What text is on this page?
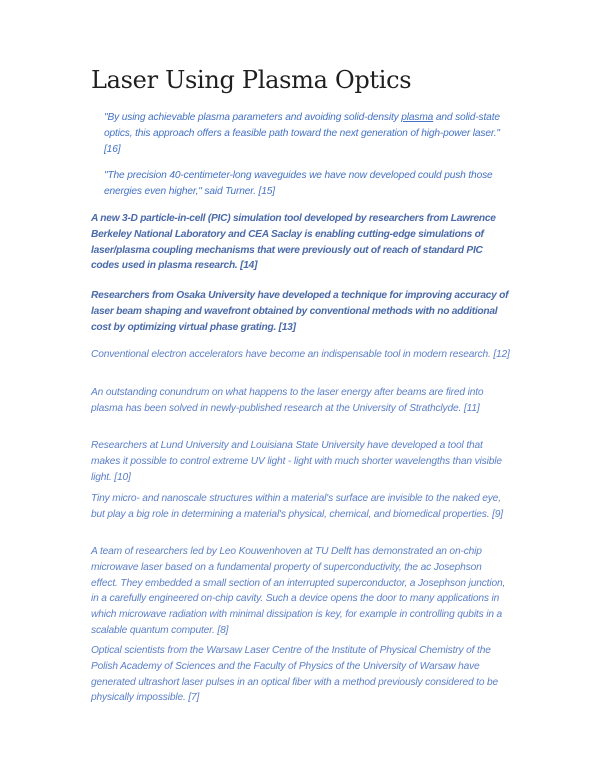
Laser Using Plasma Optics

"By using achievable plasma parameters and avoiding solid-density plasma and solid-state optics, this approach offers a feasible path toward the next generation of high-power laser." [16]

"The precision 40-centimeter-long waveguides we have now developed could push those energies even higher," said Turner. [15]

A new 3-D particle-in-cell (PIC) simulation tool developed by researchers from Lawrence Berkeley National Laboratory and CEA Saclay is enabling cutting-edge simulations of laser/plasma coupling mechanisms that were previously out of reach of standard PIC codes used in plasma research. [14]

Researchers from Osaka University have developed a technique for improving accuracy of laser beam shaping and wavefront obtained by conventional methods with no additional cost by optimizing virtual phase grating. [13]

Conventional electron accelerators have become an indispensable tool in modern research. [12]

An outstanding conundrum on what happens to the laser energy after beams are fired into plasma has been solved in newly-published research at the University of Strathclyde. [11]

Researchers at Lund University and Louisiana State University have developed a tool that makes it possible to control extreme UV light - light with much shorter wavelengths than visible light. [10]

Tiny micro- and nanoscale structures within a material's surface are invisible to the naked eye, but play a big role in determining a material's physical, chemical, and biomedical properties. [9]

A team of researchers led by Leo Kouwenhoven at TU Delft has demonstrated an on-chip microwave laser based on a fundamental property of superconductivity, the ac Josephson effect. They embedded a small section of an interrupted superconductor, a Josephson junction, in a carefully engineered on-chip cavity. Such a device opens the door to many applications in which microwave radiation with minimal dissipation is key, for example in controlling qubits in a scalable quantum computer. [8]

Optical scientists from the Warsaw Laser Centre of the Institute of Physical Chemistry of the Polish Academy of Sciences and the Faculty of Physics of the University of Warsaw have generated ultrashort laser pulses in an optical fiber with a method previously considered to be physically impossible. [7]
